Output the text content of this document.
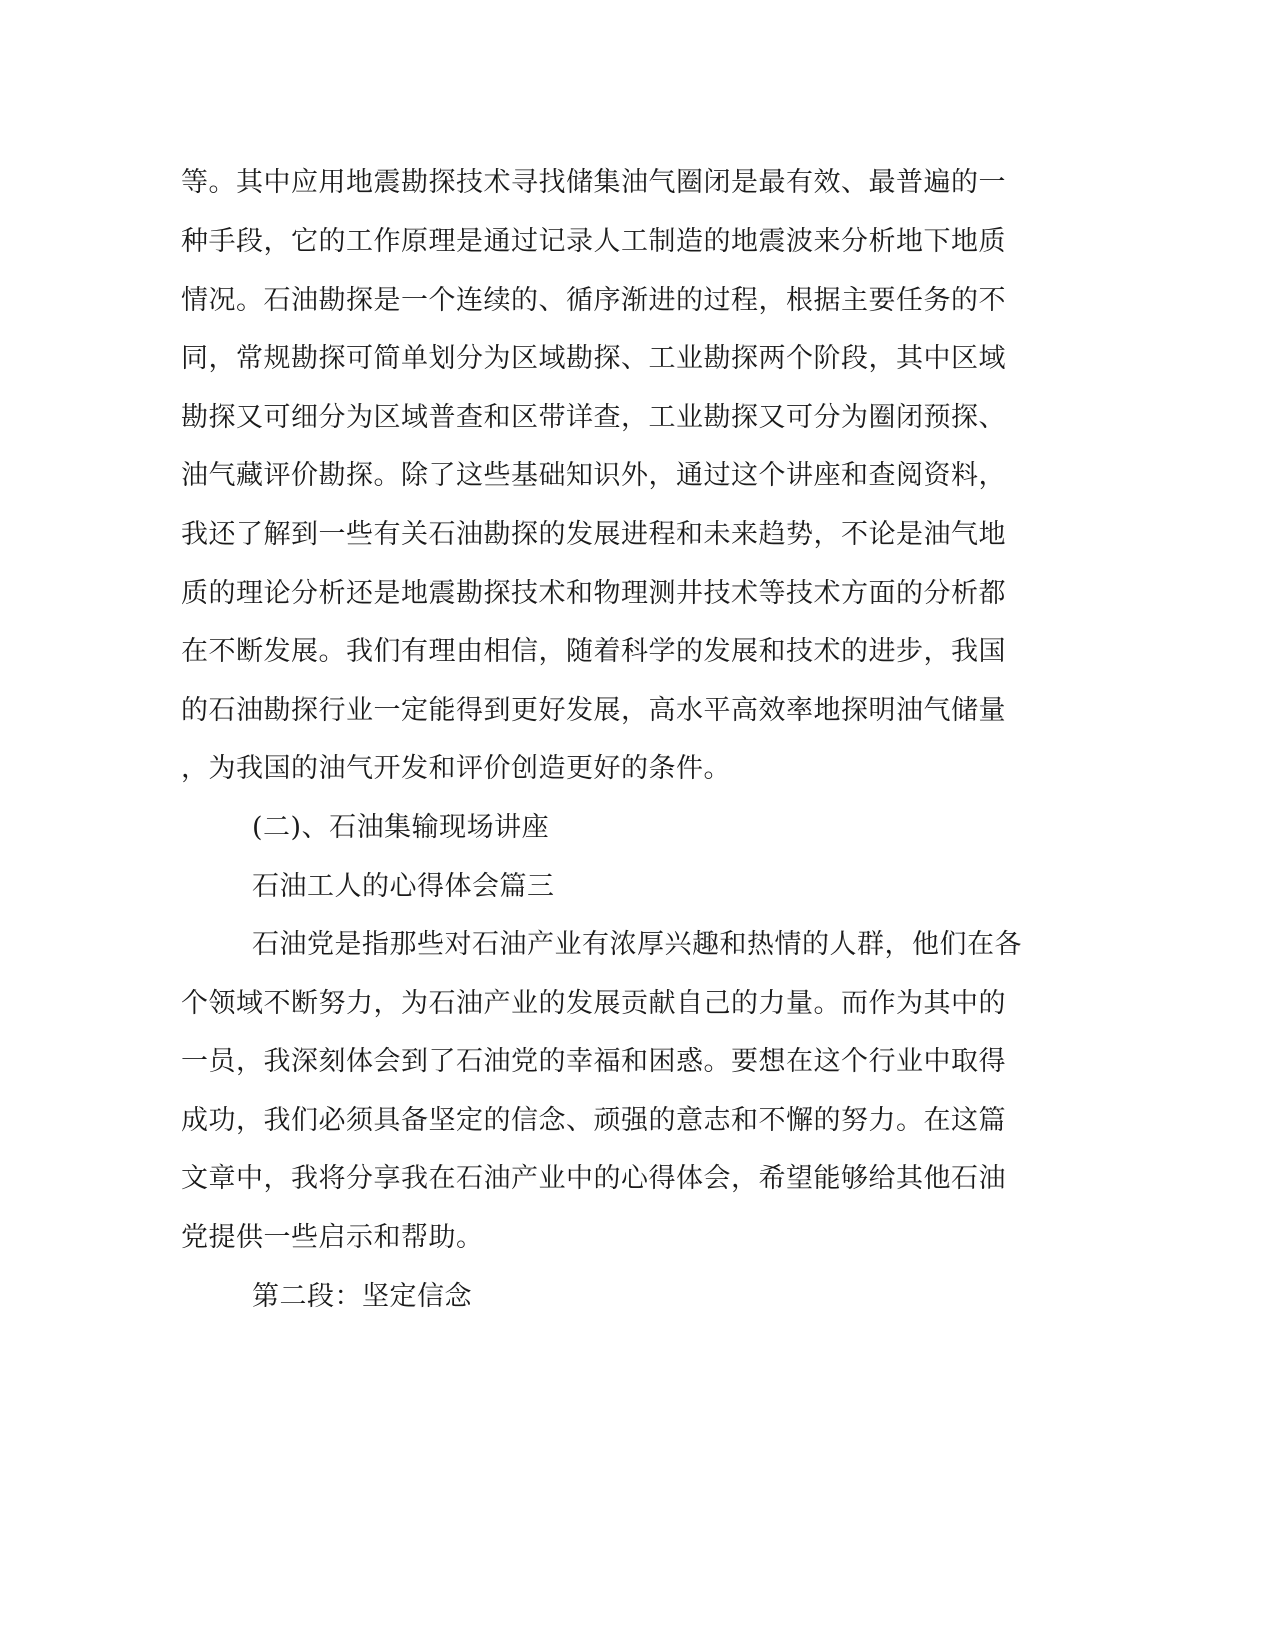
等。其中应用地震勘探技术寻找储集油气圈闭是最有效、最普遍的一
种手段，它的工作原理是通过记录人工制造的地震波来分析地下地质
情况。石油勘探是一个连续的、循序渐进的过程，根据主要任务的不
同，常规勘探可简单划分为区域勘探、工业勘探两个阶段，其中区域
勘探又可细分为区域普查和区带详查，工业勘探又可分为圈闭预探、
油气藏评价勘探。除了这些基础知识外，通过这个讲座和查阅资料，
我还了解到一些有关石油勘探的发展进程和未来趋势，不论是油气地
质的理论分析还是地震勘探技术和物理测井技术等技术方面的分析都
在不断发展。我们有理由相信，随着科学的发展和技术的进步，我国
的石油勘探行业一定能得到更好发展，高水平高效率地探明油气储量
，为我国的油气开发和评价创造更好的条件。
(二)、石油集输现场讲座
石油工人的心得体会篇三
石油党是指那些对石油产业有浓厚兴趣和热情的人群，他们在各
个领域不断努力，为石油产业的发展贡献自己的力量。而作为其中的
一员，我深刻体会到了石油党的幸福和困惑。要想在这个行业中取得
成功，我们必须具备坚定的信念、顽强的意志和不懈的努力。在这篇
文章中，我将分享我在石油产业中的心得体会，希望能够给其他石油
党提供一些启示和帮助。
第二段：坚定信念
